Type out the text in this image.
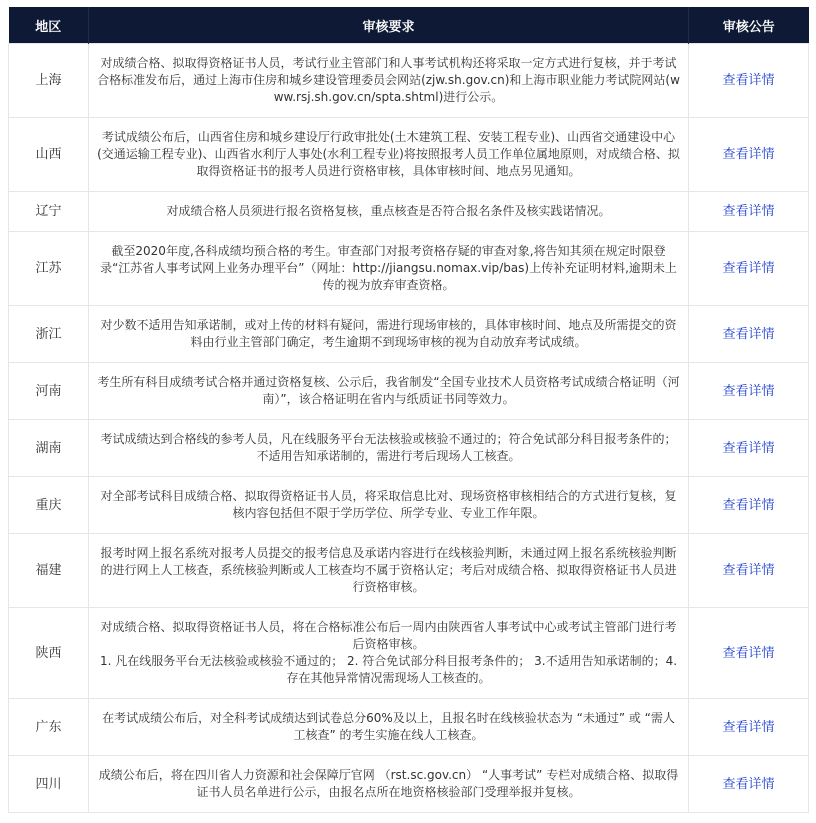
地区	审核要求	审核公告
上海	对成绩合格、拟取得资格证书人员，考试行业主管部门和人事考试机构还将采取一定方式进行复核，并于考试合格标准发布后，通过上海市住房和城乡建设管理委员会网站(zjw.sh.gov.cn)和上海市职业能力考试院网站(www.rsj.sh.gov.cn/spta.shtml)进行公示。	查看详情
山西	考试成绩公布后，山西省住房和城乡建设厅行政审批处(土木建筑工程、安装工程专业)、山西省交通建设中心(交通运输工程专业)、山西省水利厅人事处(水利工程专业)将按照报考人员工作单位属地原则，对成绩合格、拟取得资格证书的报考人员进行资格审核，具体审核时间、地点另见通知。	查看详情
辽宁	对成绩合格人员须进行报名资格复核，重点核查是否符合报名条件及核实践诺情况。	查看详情
江苏	截至2020年度,各科成绩均预合格的考生。审查部门对报考资格存疑的审查对象,将告知其须在规定时限登录“江苏省人事考试网上业务办理平台”（网址：http://jiangsu.nomax.vip/bas)上传补充证明材料,逾期未上传的视为放弃审查资格。	查看详情
浙江	对少数不适用告知承诺制，或对上传的材料有疑问，需进行现场审核的，具体审核时间、地点及所需提交的资料由行业主管部门确定，考生逾期不到现场审核的视为自动放弃考试成绩。	查看详情
河南	考生所有科目成绩考试合格并通过资格复核、公示后，我省制发“全国专业技术人员资格考试成绩合格证明（河南）”，该合格证明在省内与纸质证书同等效力。	查看详情
湖南	考试成绩达到合格线的参考人员，凡在线服务平台无法核验或核验不通过的；符合免试部分科目报考条件的；不适用告知承诺制的，需进行考后现场人工核查。	查看详情
重庆	对全部考试科目成绩合格、拟取得资格证书人员，将采取信息比对、现场资格审核相结合的方式进行复核，复核内容包括但不限于学历学位、所学专业、专业工作年限。	查看详情
福建	报考时网上报名系统对报考人员提交的报考信息及承诺内容进行在线核验判断，未通过网上报名系统核验判断的进行网上人工核查，系统核验判断或人工核查均不属于资格认定；考后对成绩合格、拟取得资格证书人员进行资格审核。	查看详情
陕西	对成绩合格、拟取得资格证书人员，将在合格标准公布后一周内由陕西省人事考试中心或考试主管部门进行考后资格审核。
1. 凡在线服务平台无法核验或核验不通过的； 2. 符合免试部分科目报考条件的； 3.不适用告知承诺制的；4.存在其他异常情况需现场人工核查的。	查看详情
广东	在考试成绩公布后，对全科考试成绩达到试卷总分60%及以上，且报名时在线核验状态为 “未通过” 或 “需人工核查” 的考生实施在线人工核查。	查看详情
四川	成绩公布后，将在四川省人力资源和社会保障厅官网 （rst.sc.gov.cn） “人事考试” 专栏对成绩合格、拟取得证书人员名单进行公示，由报名点所在地资格核验部门受理举报并复核。	查看详情
